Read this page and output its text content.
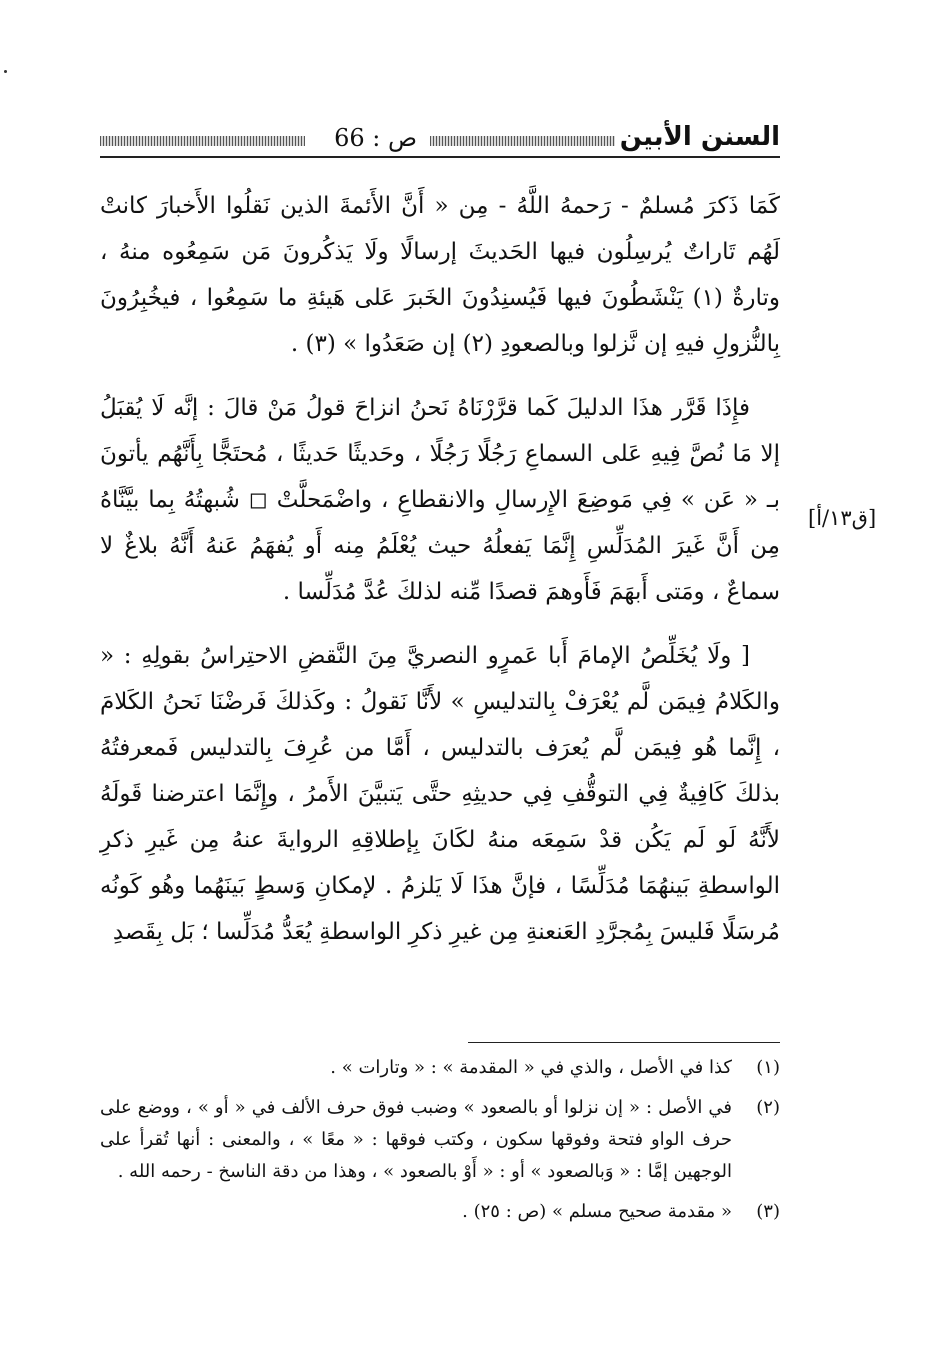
السنن الأبين
ص : 66

كَمَا ذَكرَ مُسلمٌ - رَحمهُ اللَّهُ - مِن « أَنَّ الأَئمةَ الذين نَقلُوا الأَخبارَ كانتْ لَهُم تَاراتٌ يُرسِلُون فيها الحَديثَ إرسالًا ولَا يَذكُرونَ مَن سَمِعُوه منهُ ، وتارةٌ (١) يَنْشَطُونَ فيها فَيُسنِدُونَ الخَبرَ عَلى هَيئةِ ما سَمِعُوا ، فيخُبِرُونَ بِالنُّزولِ فيهِ إن نَّزلوا وبالصعودِ (٢) إن صَعَدُوا » (٣) .

فإِذَا قَرَّر هذَا الدليلَ كَما قرَّرْنَاهُ نَحنُ انزاحَ قولُ مَنْ قالَ : إنَّه لَا يُقبَلُ إلا مَا نُصَّ فِيهِ عَلى السماعِ رَجُلًا رَجُلًا ، وحَديثًا حَديثًا ، مُحتَجًّا بِأَنَّهُم يأتونَ بـ « عَن » فِي مَوضِعَ الإِرسالِ والانقطاعِ ، واضْمَحلَّتْ ◻ شُبهتُهُ بِما بيَّنَّاهُ مِن أَنَّ غَيرَ المُدَلِّسِ إِنَّمَا يَفعلُهُ حيث يُعْلَمُ مِنه أَو يُفهَمُ عَنهُ أَنَّهُ بلاغٌ لا سماعٌ ، ومَتى أَبهَمَ فَأَوهمَ قصدًا مِّنه لذلكَ عُدَّ مُدَلِّسا .

[ ولَا يُخَلِّصُ الإمامَ أَبا عَمرٍو النصريَّ مِنَ النَّقضِ الاحتِراسُ بقولِهِ : « والكَلامُ فِيمَن لَّم يُعْرَفْ بِالتدليسِ » لأَنَّا نَقولُ : وكَذلكَ فَرضْنَا نَحنُ الكَلامَ ، إِنَّما هُو فِيمَن لَّم يُعرَف بالتدليس ، أَمَّا من عُرِفَ بِالتدليس فَمعرفتُهُ بذلكَ كَافِيةٌ فِي التوقُّفِ فِي حديثِهِ حتَّى يَتبيَّنَ الأَمرُ ، وإِنَّمَا اعترضنا قَولَهُ لأَنَّهُ لَو لَم يَكُن قدْ سَمِعَه منهُ لكَانَ بِإطلاقِهِ الروايةَ عنهُ مِن غَيرِ ذكرِ الواسطةِ بَينهُمَا مُدَلِّسًا ، فإنَّ هذَا لَا يَلزمُ . لإمكانِ وَسطٍ بَينَهُما وهُو كَونُه مُرسَلًا فَليسَ بِمُجرَّدِ العَنعنةِ مِن غيرِ ذكرِ الواسطةِ يُعَدُّ مُدَلِّسا ؛ بَل بِقَصدِ

[ق١٣/أ]
(١)
كذا في الأصل ، والذي في « المقدمة » : « وتارات » .
(٢)
في الأصل : « إن نزلوا أو بالصعود » وضبب فوق حرف الألف في « أو » ، ووضع على حرف الواو فتحة وفوقها سكون ، وكتب فوقها : « معًا » ، والمعنى : أنها تُقرأ على الوجهين إمَّا : « وَبالصعود » أو : « أَوْ بالصعود » ، وهذا من دقة الناسخ - رحمه الله .
(٣)
« مقدمة صحيح مسلم » (ص : ٢٥) .
